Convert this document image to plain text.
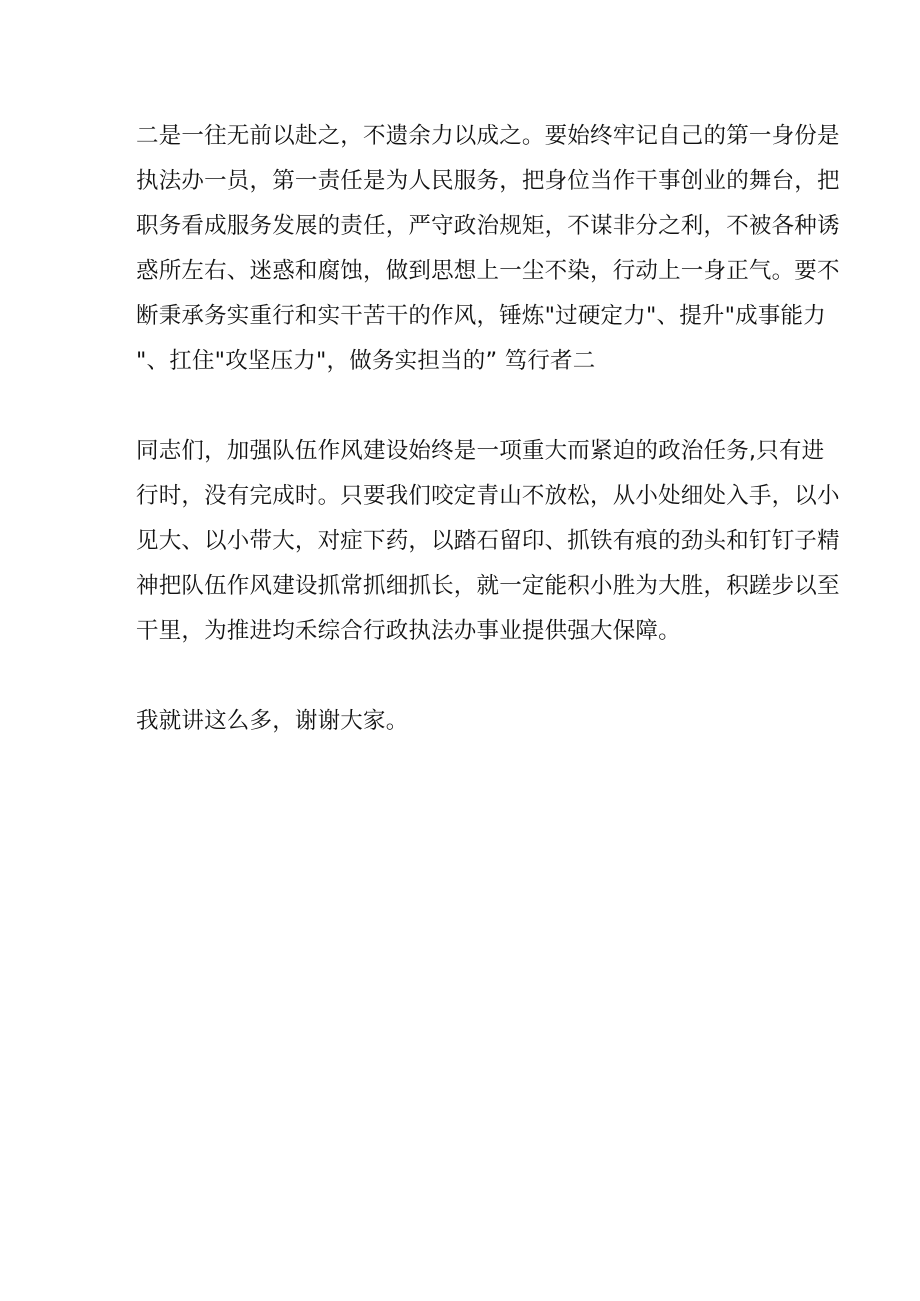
二是一往无前以赴之，不遗余力以成之。要始终牢记自己的第一身份是
执法办一员，第一责任是为人民服务，把身位当作干事创业的舞台，把
职务看成服务发展的责任，严守政治规矩，不谋非分之利，不被各种诱
惑所左右、迷惑和腐蚀，做到思想上一尘不染，行动上一身正气。要不
断秉承务实重行和实干苦干的作风，锤炼"过硬定力"、提升"成事能力
"、扛住"攻坚压力"，做务实担当的” 笃行者二

同志们，加强队伍作风建设始终是一项重大而紧迫的政治任务,只有进
行时，没有完成时。只要我们咬定青山不放松，从小处细处入手，以小
见大、以小带大，对症下药，以踏石留印、抓铁有痕的劲头和钉钉子精
神把队伍作风建设抓常抓细抓长，就一定能积小胜为大胜，积蹉步以至
干里，为推进均禾综合行政执法办事业提供强大保障。

我就讲这么多，谢谢大家。
